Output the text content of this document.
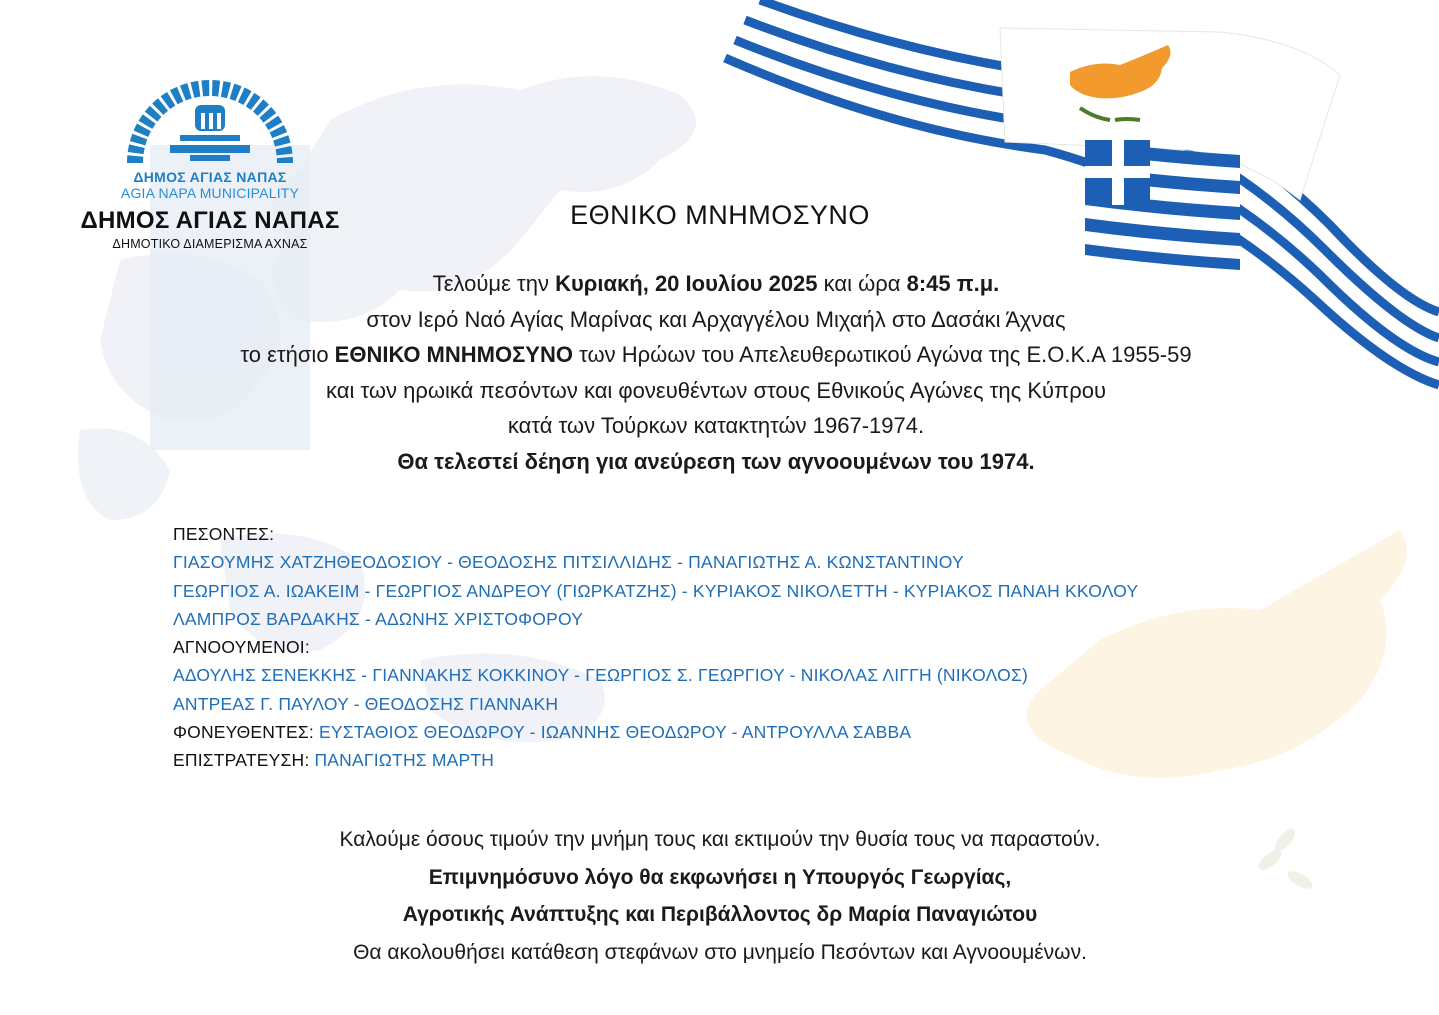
ΔΗΜΟΣ ΑΓΙΑΣ ΝΑΠΑΣ
AGIA NAPA MUNICIPALITY
ΔΗΜΟΣ ΑΓΙΑΣ ΝΑΠΑΣ
ΔΗΜΟΤΙΚΟ ΔΙΑΜΕΡΙΣΜΑ ΑΧΝΑΣ
ΕΘΝΙΚΟ ΜΝΗΜΟΣΥΝΟ
Τελούμε την Κυριακή, 20 Ιουλίου 2025 και ώρα 8:45 π.μ.
στον Ιερό Ναό Αγίας Μαρίνας και Αρχαγγέλου Μιχαήλ στο Δασάκι Άχνας
το ετήσιο ΕΘΝΙΚΟ ΜΝΗΜΟΣΥΝΟ των Ηρώων του Απελευθερωτικού Αγώνα της Ε.Ο.Κ.Α 1955-59
και των ηρωικά πεσόντων και φονευθέντων στους Εθνικούς Αγώνες της Κύπρου
κατά των Τούρκων κατακτητών 1967-1974.
Θα τελεστεί δέηση για ανεύρεση των αγνοουμένων του 1974.
ΠΕΣΟΝΤΕΣ:
ΓΙΑΣΟΥΜΗΣ ΧΑΤΖΗΘΕΟΔΟΣΙΟΥ - ΘΕΟΔΟΣΗΣ ΠΙΤΣΙΛΛΙΔΗΣ - ΠΑΝΑΓΙΩΤΗΣ Α. ΚΩΝΣΤΑΝΤΙΝΟΥ
ΓΕΩΡΓΙΟΣ Α. ΙΩΑΚΕΙΜ - ΓΕΩΡΓΙΟΣ ΑΝΔΡΕΟΥ (ΓΙΩΡΚΑΤΖΗΣ) - ΚΥΡΙΑΚΟΣ ΝΙΚΟΛΕΤΤΗ - ΚΥΡΙΑΚΟΣ ΠΑΝΑΗ ΚΚΟΛΟΥ
ΛΑΜΠΡΟΣ ΒΑΡΔΑΚΗΣ - ΑΔΩΝΗΣ ΧΡΙΣΤΟΦΟΡΟΥ
ΑΓΝΟΟΥΜΕΝΟΙ:
ΑΔΟΥΛΗΣ ΣΕΝΕΚΚΗΣ - ΓΙΑΝΝΑΚΗΣ ΚΟΚΚΙΝΟΥ - ΓΕΩΡΓΙΟΣ Σ. ΓΕΩΡΓΙΟΥ - ΝΙΚΟΛΑΣ ΛΙΓΓΗ (ΝΙΚΟΛΟΣ)
ΑΝΤΡΕΑΣ Γ. ΠΑΥΛΟΥ - ΘΕΟΔΟΣΗΣ ΓΙΑΝΝΑΚΗ
ΦΟΝΕΥΘΕΝΤΕΣ: ΕΥΣΤΑΘΙΟΣ ΘΕΟΔΩΡΟΥ - ΙΩΑΝΝΗΣ ΘΕΟΔΩΡΟΥ - ΑΝΤΡΟΥΛΛΑ ΣΑΒΒΑ
ΕΠΙΣΤΡΑΤΕΥΣΗ: ΠΑΝΑΓΙΩΤΗΣ ΜΑΡΤΗ
Καλούμε όσους τιμούν την μνήμη τους και εκτιμούν την θυσία τους να παραστούν.
Επιμνημόσυνο λόγο θα εκφωνήσει η Υπουργός Γεωργίας,
Αγροτικής Ανάπτυξης και Περιβάλλοντος δρ Μαρία Παναγιώτου
Θα ακολουθήσει κατάθεση στεφάνων στο μνημείο Πεσόντων και Αγνοουμένων.
